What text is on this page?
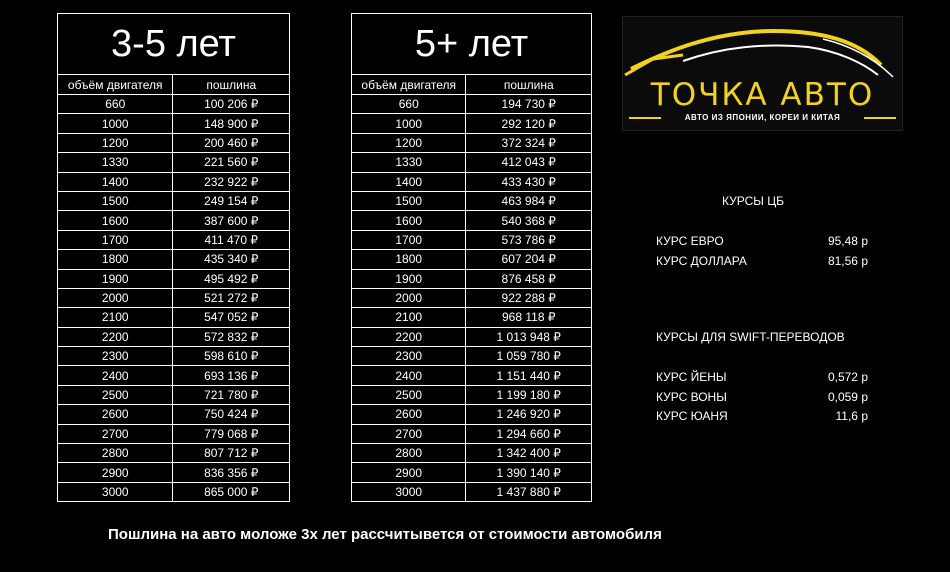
3-5 лет	
объём двигателя	пошлина
660	100 206 ₽
1000	148 900 ₽
1200	200 460 ₽
1330	221 560 ₽
1400	232 922 ₽
1500	249 154 ₽
1600	387 600 ₽
1700	411 470 ₽
1800	435 340 ₽
1900	495 492 ₽
2000	521 272 ₽
2100	547 052 ₽
2200	572 832 ₽
2300	598 610 ₽
2400	693 136 ₽
2500	721 780 ₽
2600	750 424 ₽
2700	779 068 ₽
2800	807 712 ₽
2900	836 356 ₽
3000	865 000 ₽
5+ лет	
объём двигателя	пошлина
660	194 730 ₽
1000	292 120 ₽
1200	372 324 ₽
1330	412 043 ₽
1400	433 430 ₽
1500	463 984 ₽
1600	540 368 ₽
1700	573 786 ₽
1800	607 204 ₽
1900	876 458 ₽
2000	922 288 ₽
2100	968 118 ₽
2200	1 013 948 ₽
2300	1 059 780 ₽
2400	1 151 440 ₽
2500	1 199 180 ₽
2600	1 246 920 ₽
2700	1 294 660 ₽
2800	1 342 400 ₽
2900	1 390 140 ₽
3000	1 437 880 ₽
ТОЧКА АВТО
АВТО ИЗ ЯПОНИИ, КОРЕИ И КИТАЯ
КУРСЫ ЦБ
КУРС ЕВРО	95,48 р
КУРС ДОЛЛАРА	81,56 р
КУРСЫ ДЛЯ SWIFT-ПЕРЕВОДОВ
КУРС ЙЕНЫ	0,572 р
КУРС ВОНЫ	0,059 р
КУРС ЮАНЯ	11,6 р
Пошлина на авто моложе 3х лет рассчитывется от стоимости автомобиля
